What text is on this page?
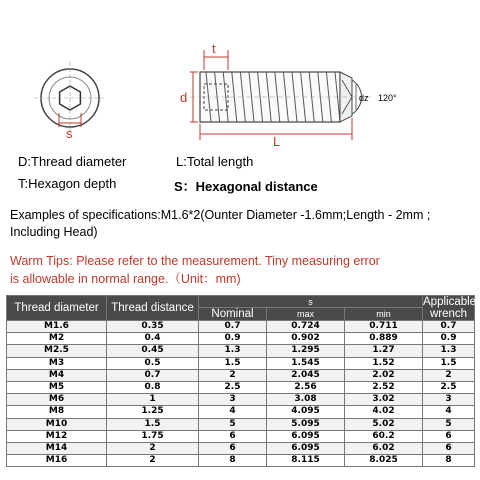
t
d
s
L
dz 120°
D:Thread diameter	L:Total length
T:Hexagon depth	S：Hexagonal distance
Examples of specifications:M1.6*2(Ounter Diameter -1.6mm;Length - 2mm ;
Including Head)
Warm Tips: Please refer to the measurement. Tiny measuring error
is allowable in normal range.（Unit：mm)
Thread diameter	Thread distance	s			Applicable wrench
		Nominal	max	min	
M1.6	0.35	0.7	0.724	0.711	0.7
M2	0.4	0.9	0.902	0.889	0.9
M2.5	0.45	1.3	1.295	1.27	1.3
M3	0.5	1.5	1.545	1.52	1.5
M4	0.7	2	2.045	2.02	2
M5	0.8	2.5	2.56	2.52	2.5
M6	1	3	3.08	3.02	3
M8	1.25	4	4.095	4.02	4
M10	1.5	5	5.095	5.02	5
M12	1.75	6	6.095	60.2	6
M14	2	6	6.095	6.02	6
M16	2	8	8.115	8.025	8
